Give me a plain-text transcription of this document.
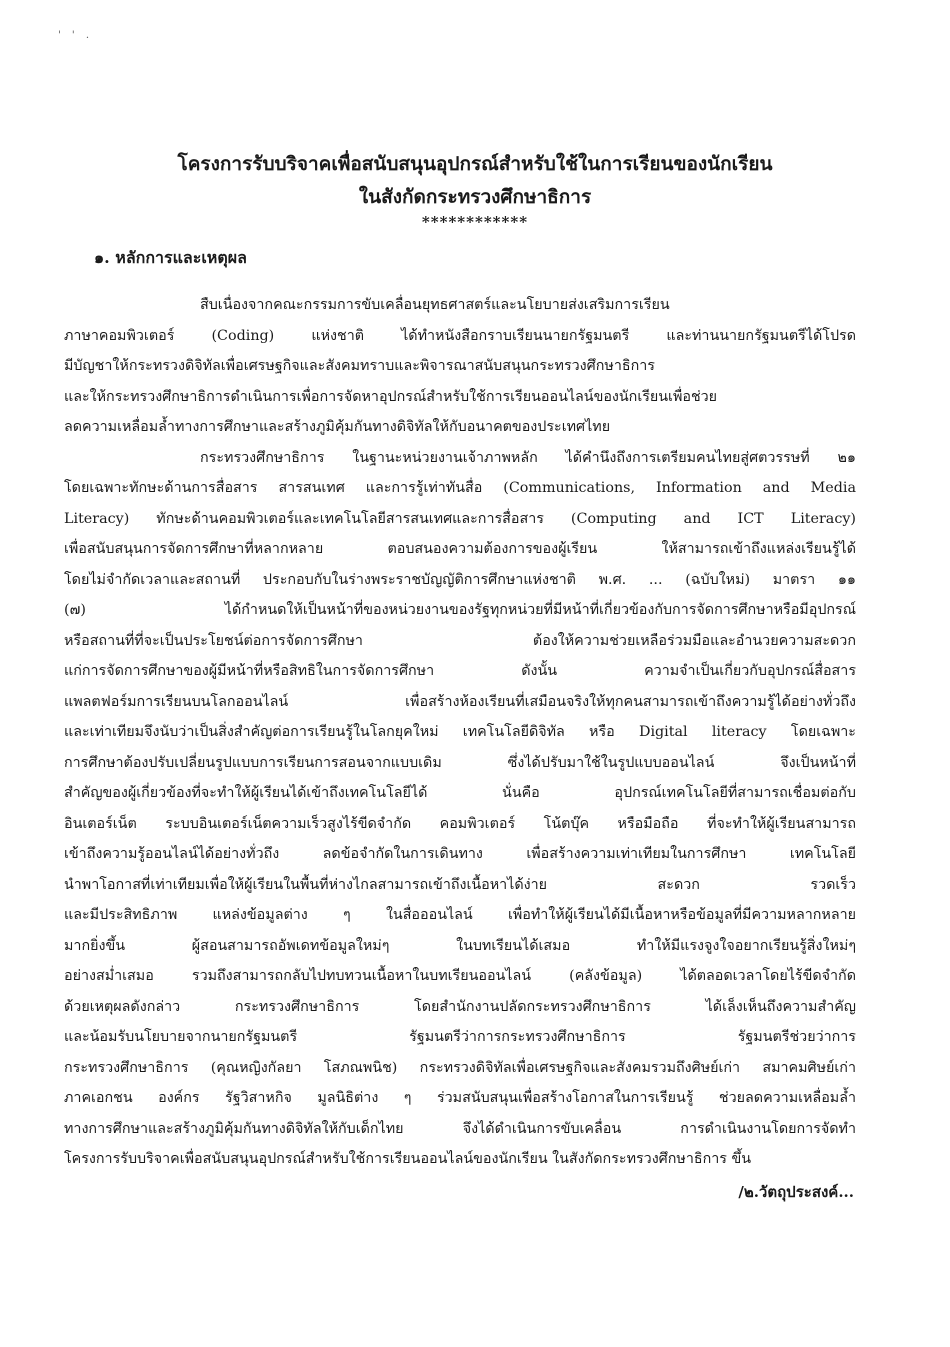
' ' .
โครงการรับบริจาคเพื่อสนับสนุนอุปกรณ์สำหรับใช้ในการเรียนของนักเรียน
ในสังกัดกระทรวงศึกษาธิการ
************
๑. หลักการและเหตุผล
สืบเนื่องจากคณะกรรมการขับเคลื่อนยุทธศาสตร์และนโยบายส่งเสริมการเรียน
ภาษาคอมพิวเตอร์ (Coding) แห่งชาติ ได้ทำหนังสือกราบเรียนนายกรัฐมนตรี และท่านนายกรัฐมนตรีได้โปรด
มีบัญชาให้กระทรวงดิจิทัลเพื่อเศรษฐกิจและสังคมทราบและพิจารณาสนับสนุนกระทรวงศึกษาธิการ
และให้กระทรวงศึกษาธิการดำเนินการเพื่อการจัดหาอุปกรณ์สำหรับใช้การเรียนออนไลน์ของนักเรียนเพื่อช่วย
ลดความเหลื่อมล้ำทางการศึกษาและสร้างภูมิคุ้มกันทางดิจิทัลให้กับอนาคตของประเทศไทย
กระทรวงศึกษาธิการ ในฐานะหน่วยงานเจ้าภาพหลัก ได้คำนึงถึงการเตรียมคนไทยสู่ศตวรรษที่ ๒๑
โดยเฉพาะทักษะด้านการสื่อสาร สารสนเทศ และการรู้เท่าทันสื่อ (Communications, Information and Media
Literacy) ทักษะด้านคอมพิวเตอร์และเทคโนโลยีสารสนเทศและการสื่อสาร (Computing and ICT Literacy)
เพื่อสนับสนุนการจัดการศึกษาที่หลากหลาย ตอบสนองความต้องการของผู้เรียน ให้สามารถเข้าถึงแหล่งเรียนรู้ได้
โดยไม่จำกัดเวลาและสถานที่ ประกอบกับในร่างพระราชบัญญัติการศึกษาแห่งชาติ พ.ศ. ... (ฉบับใหม่) มาตรา ๑๑
(๗) ได้กำหนดให้เป็นหน้าที่ของหน่วยงานของรัฐทุกหน่วยที่มีหน้าที่เกี่ยวข้องกับการจัดการศึกษาหรือมีอุปกรณ์
หรือสถานที่ที่จะเป็นประโยชน์ต่อการจัดการศึกษา ต้องให้ความช่วยเหลือร่วมมือและอำนวยความสะดวก
แก่การจัดการศึกษาของผู้มีหน้าที่หรือสิทธิในการจัดการศึกษา ดังนั้น ความจำเป็นเกี่ยวกับอุปกรณ์สื่อสาร
แพลตฟอร์มการเรียนบนโลกออนไลน์ เพื่อสร้างห้องเรียนที่เสมือนจริงให้ทุกคนสามารถเข้าถึงความรู้ได้อย่างทั่วถึง
และเท่าเทียมจึงนับว่าเป็นสิ่งสำคัญต่อการเรียนรู้ในโลกยุคใหม่ เทคโนโลยีดิจิทัล หรือ Digital literacy โดยเฉพาะ
การศึกษาต้องปรับเปลี่ยนรูปแบบการเรียนการสอนจากแบบเดิม ซึ่งได้ปรับมาใช้ในรูปแบบออนไลน์ จึงเป็นหน้าที่
สำคัญของผู้เกี่ยวข้องที่จะทำให้ผู้เรียนได้เข้าถึงเทคโนโลยีได้ นั่นคือ อุปกรณ์เทคโนโลยีที่สามารถเชื่อมต่อกับ
อินเตอร์เน็ต ระบบอินเตอร์เน็ตความเร็วสูงไร้ขีดจำกัด คอมพิวเตอร์ โน้ตบุ๊ค หรือมือถือ ที่จะทำให้ผู้เรียนสามารถ
เข้าถึงความรู้ออนไลน์ได้อย่างทั่วถึง ลดข้อจำกัดในการเดินทาง เพื่อสร้างความเท่าเทียมในการศึกษา เทคโนโลยี
นำพาโอกาสที่เท่าเทียมเพื่อให้ผู้เรียนในพื้นที่ห่างไกลสามารถเข้าถึงเนื้อหาได้ง่าย สะดวก รวดเร็ว
และมีประสิทธิภาพ แหล่งข้อมูลต่าง ๆ ในสื่อออนไลน์ เพื่อทำให้ผู้เรียนได้มีเนื้อหาหรือข้อมูลที่มีความหลากหลาย
มากยิ่งขึ้น ผู้สอนสามารถอัพเดทข้อมูลใหม่ๆ ในบทเรียนได้เสมอ ทำให้มีแรงจูงใจอยากเรียนรู้สิ่งใหม่ๆ
อย่างสม่ำเสมอ รวมถึงสามารถกลับไปทบทวนเนื้อหาในบทเรียนออนไลน์ (คลังข้อมูล) ได้ตลอดเวลาโดยไร้ขีดจำกัด
ด้วยเหตุผลดังกล่าว กระทรวงศึกษาธิการ โดยสำนักงานปลัดกระทรวงศึกษาธิการ ได้เล็งเห็นถึงความสำคัญ
และน้อมรับนโยบายจากนายกรัฐมนตรี รัฐมนตรีว่าการกระทรวงศึกษาธิการ รัฐมนตรีช่วยว่าการ
กระทรวงศึกษาธิการ (คุณหญิงกัลยา โสภณพนิช) กระทรวงดิจิทัลเพื่อเศรษฐกิจและสังคมรวมถึงศิษย์เก่า สมาคมศิษย์เก่า
ภาคเอกชน องค์กร รัฐวิสาหกิจ มูลนิธิต่าง ๆ ร่วมสนับสนุนเพื่อสร้างโอกาสในการเรียนรู้ ช่วยลดความเหลื่อมล้ำ
ทางการศึกษาและสร้างภูมิคุ้มกันทางดิจิทัลให้กับเด็กไทย จึงได้ดำเนินการขับเคลื่อน การดำเนินงานโดยการจัดทำ
โครงการรับบริจาคเพื่อสนับสนุนอุปกรณ์สำหรับใช้การเรียนออนไลน์ของนักเรียน ในสังกัดกระทรวงศึกษาธิการ ขึ้น
/๒.วัตถุประสงค์...
